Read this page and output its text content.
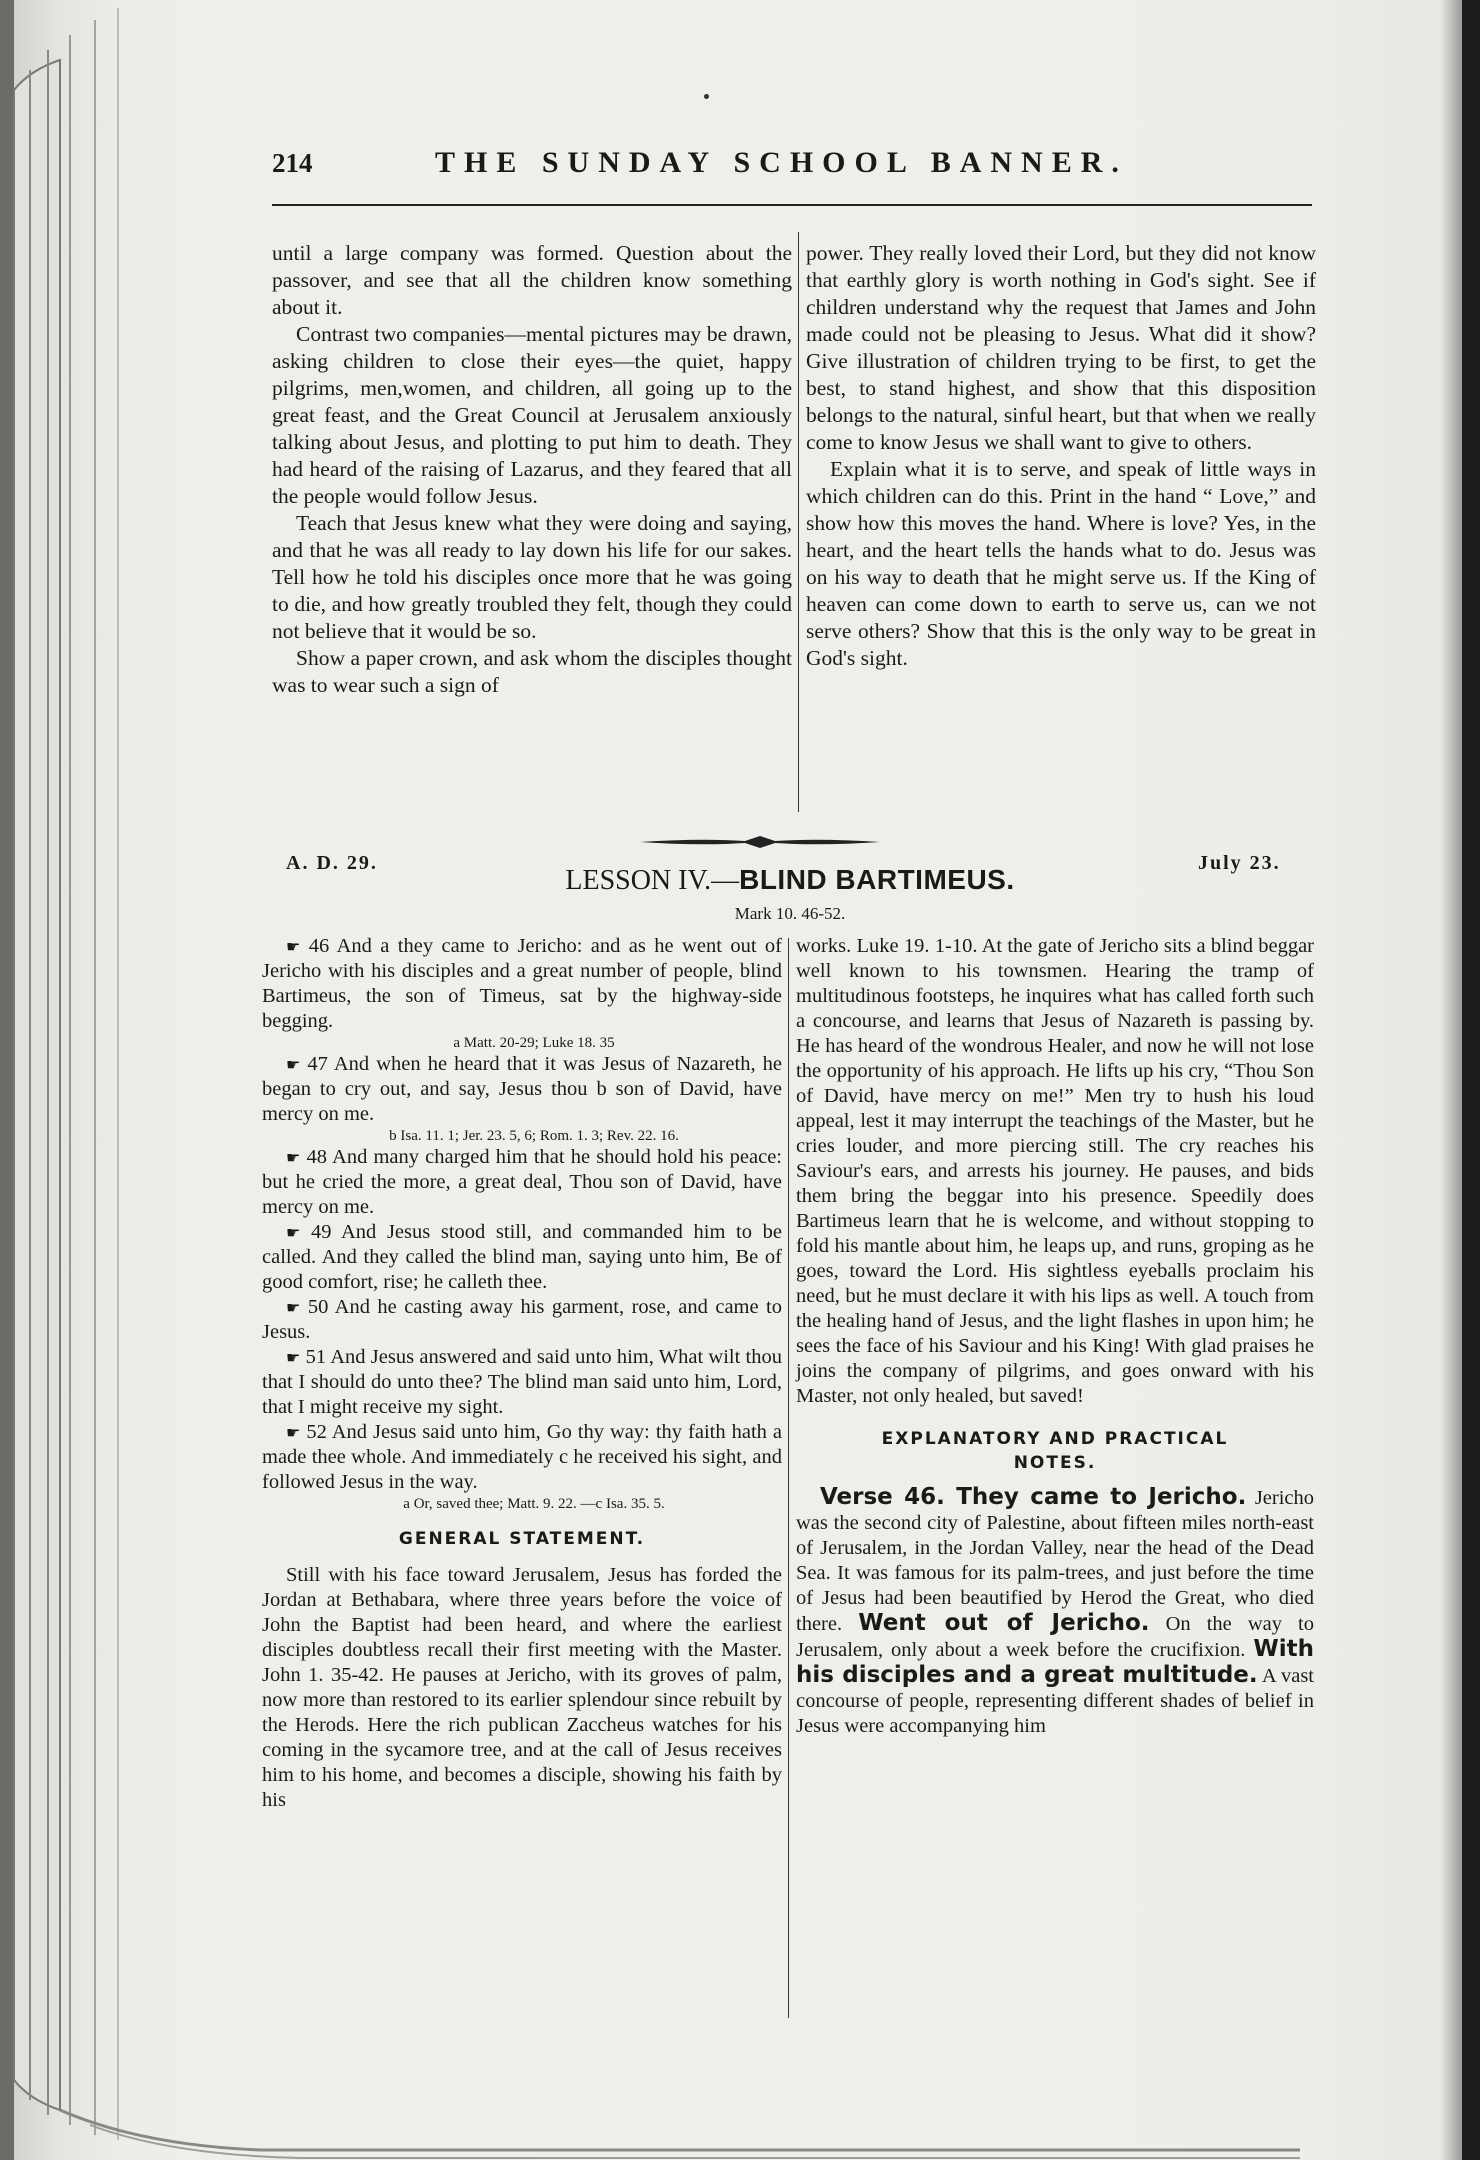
214	THE SUNDAY SCHOOL BANNER.

until a large company was formed. Question about the passover, and see that all the children know something about it.

Contrast two companies—mental pictures may be drawn, asking children to close their eyes—the quiet, happy pilgrims, men,women, and children, all going up to the great feast, and the Great Council at Jerusalem anxiously talking about Jesus, and plotting to put him to death. They had heard of the raising of Lazarus, and they feared that all the people would follow Jesus.

Teach that Jesus knew what they were doing and saying, and that he was all ready to lay down his life for our sakes. Tell how he told his disciples once more that he was going to die, and how greatly troubled they felt, though they could not believe that it would be so.

Show a paper crown, and ask whom the disciples thought was to wear such a sign of

power. They really loved their Lord, but they did not know that earthly glory is worth nothing in God's sight. See if children understand why the request that James and John made could not be pleasing to Jesus. What did it show? Give illustration of children trying to be first, to get the best, to stand highest, and show that this disposition belongs to the natural, sinful heart, but that when we really come to know Jesus we shall want to give to others.

Explain what it is to serve, and speak of little ways in which children can do this. Print in the hand “ Love,” and show how this moves the hand. Where is love? Yes, in the heart, and the heart tells the hands what to do. Jesus was on his way to death that he might serve us. If the King of heaven can come down to earth to serve us, can we not serve others? Show that this is the only way to be great in God's sight.

A. D. 29.	July 23.
LESSON IV.—BLIND BARTIMEUS.
Mark 10. 46-52.

☛ 46 And a they came to Jericho: and as he went out of Jericho with his disciples and a great number of people, blind Bartimeus, the son of Timeus, sat by the highway-side begging.

a Matt. 20-29; Luke 18. 35

☛ 47 And when he heard that it was Jesus of Nazareth, he began to cry out, and say, Jesus thou b son of David, have mercy on me.

b Isa. 11. 1; Jer. 23. 5, 6; Rom. 1. 3; Rev. 22. 16.

☛ 48 And many charged him that he should hold his peace: but he cried the more, a great deal, Thou son of David, have mercy on me.

☛ 49 And Jesus stood still, and commanded him to be called. And they called the blind man, saying unto him, Be of good comfort, rise; he calleth thee.

☛ 50 And he casting away his garment, rose, and came to Jesus.

☛ 51 And Jesus answered and said unto him, What wilt thou that I should do unto thee? The blind man said unto him, Lord, that I might receive my sight.

☛ 52 And Jesus said unto him, Go thy way: thy faith hath a made thee whole. And immediately c he received his sight, and followed Jesus in the way.

a Or, saved thee; Matt. 9. 22. —c Isa. 35. 5.

GENERAL STATEMENT.

Still with his face toward Jerusalem, Jesus has forded the Jordan at Bethabara, where three years before the voice of John the Baptist had been heard, and where the earliest disciples doubtless recall their first meeting with the Master. John 1. 35-42. He pauses at Jericho, with its groves of palm, now more than restored to its earlier splendour since rebuilt by the Herods. Here the rich publican Zaccheus watches for his coming in the sycamore tree, and at the call of Jesus receives him to his home, and becomes a disciple, showing his faith by his

works. Luke 19. 1-10. At the gate of Jericho sits a blind beggar well known to his townsmen. Hearing the tramp of multitudinous footsteps, he inquires what has called forth such a concourse, and learns that Jesus of Nazareth is passing by. He has heard of the wondrous Healer, and now he will not lose the opportunity of his approach. He lifts up his cry, “Thou Son of David, have mercy on me!” Men try to hush his loud appeal, lest it may interrupt the teachings of the Master, but he cries louder, and more piercing still. The cry reaches his Saviour's ears, and arrests his journey. He pauses, and bids them bring the beggar into his presence. Speedily does Bartimeus learn that he is welcome, and without stopping to fold his mantle about him, he leaps up, and runs, groping as he goes, toward the Lord. His sightless eyeballs proclaim his need, but he must declare it with his lips as well. A touch from the healing hand of Jesus, and the light flashes in upon him; he sees the face of his Saviour and his King! With glad praises he joins the company of pilgrims, and goes onward with his Master, not only healed, but saved!

EXPLANATORY AND PRACTICAL
NOTES.

Verse 46. They came to Jericho. Jericho was the second city of Palestine, about fifteen miles north-east of Jerusalem, in the Jordan Valley, near the head of the Dead Sea. It was famous for its palm-trees, and just before the time of Jesus had been beautified by Herod the Great, who died there. Went out of Jericho. On the way to Jerusalem, only about a week before the crucifixion. With his disciples and a great multitude. A vast concourse of people, representing different shades of belief in Jesus were accompanying him
